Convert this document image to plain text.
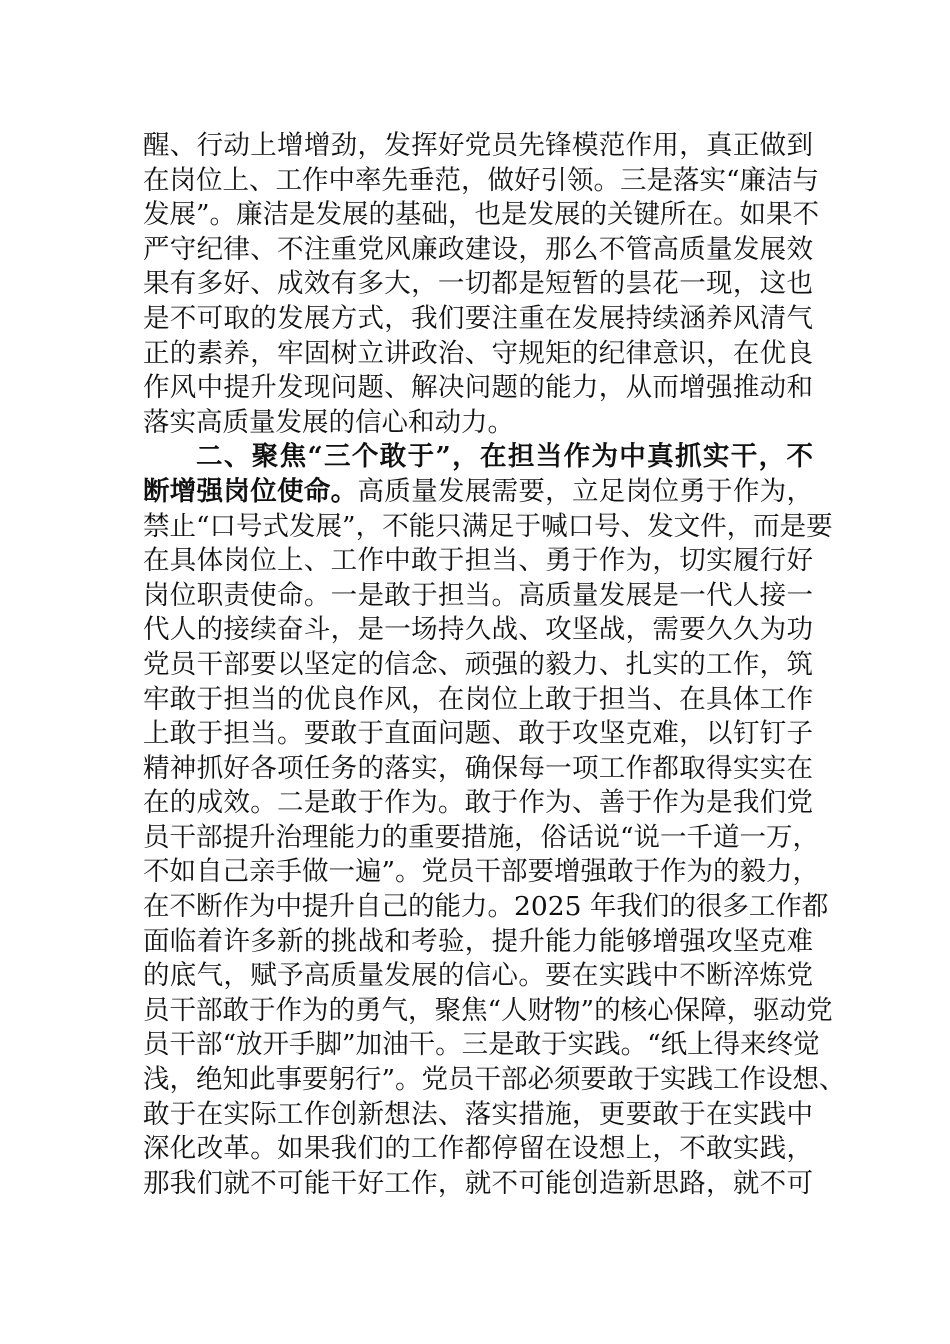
醒、行动上增增劲，发挥好党员先锋模范作用，真正做到
在岗位上、工作中率先垂范，做好引领。三是落实“廉洁与
发展”。廉洁是发展的基础，也是发展的关键所在。如果不
严守纪律、不注重党风廉政建设，那么不管高质量发展效
果有多好、成效有多大，一切都是短暂的昙花一现，这也
是不可取的发展方式，我们要注重在发展持续涵养风清气
正的素养，牢固树立讲政治、守规矩的纪律意识，在优良
作风中提升发现问题、解决问题的能力，从而增强推动和
落实高质量发展的信心和动力。
二、聚焦“三个敢于”，在担当作为中真抓实干，不
断增强岗位使命。高质量发展需要，立足岗位勇于作为，
禁止“口号式发展”，不能只满足于喊口号、发文件，而是要
在具体岗位上、工作中敢于担当、勇于作为，切实履行好
岗位职责使命。一是敢于担当。高质量发展是一代人接一
代人的接续奋斗，是一场持久战、攻坚战，需要久久为功
党员干部要以坚定的信念、顽强的毅力、扎实的工作，筑
牢敢于担当的优良作风，在岗位上敢于担当、在具体工作
上敢于担当。要敢于直面问题、敢于攻坚克难，以钉钉子
精神抓好各项任务的落实，确保每一项工作都取得实实在
在的成效。二是敢于作为。敢于作为、善于作为是我们党
员干部提升治理能力的重要措施，俗话说“说一千道一万，
不如自己亲手做一遍”。党员干部要增强敢于作为的毅力，
在不断作为中提升自己的能力。2025 年我们的很多工作都
面临着许多新的挑战和考验，提升能力能够增强攻坚克难
的底气，赋予高质量发展的信心。要在实践中不断淬炼党
员干部敢于作为的勇气，聚焦“人财物”的核心保障，驱动党
员干部“放开手脚”加油干。三是敢于实践。“纸上得来终觉
浅，绝知此事要躬行”。党员干部必须要敢于实践工作设想、
敢于在实际工作创新想法、落实措施，更要敢于在实践中
深化改革。如果我们的工作都停留在设想上，不敢实践，
那我们就不可能干好工作，就不可能创造新思路，就不可
